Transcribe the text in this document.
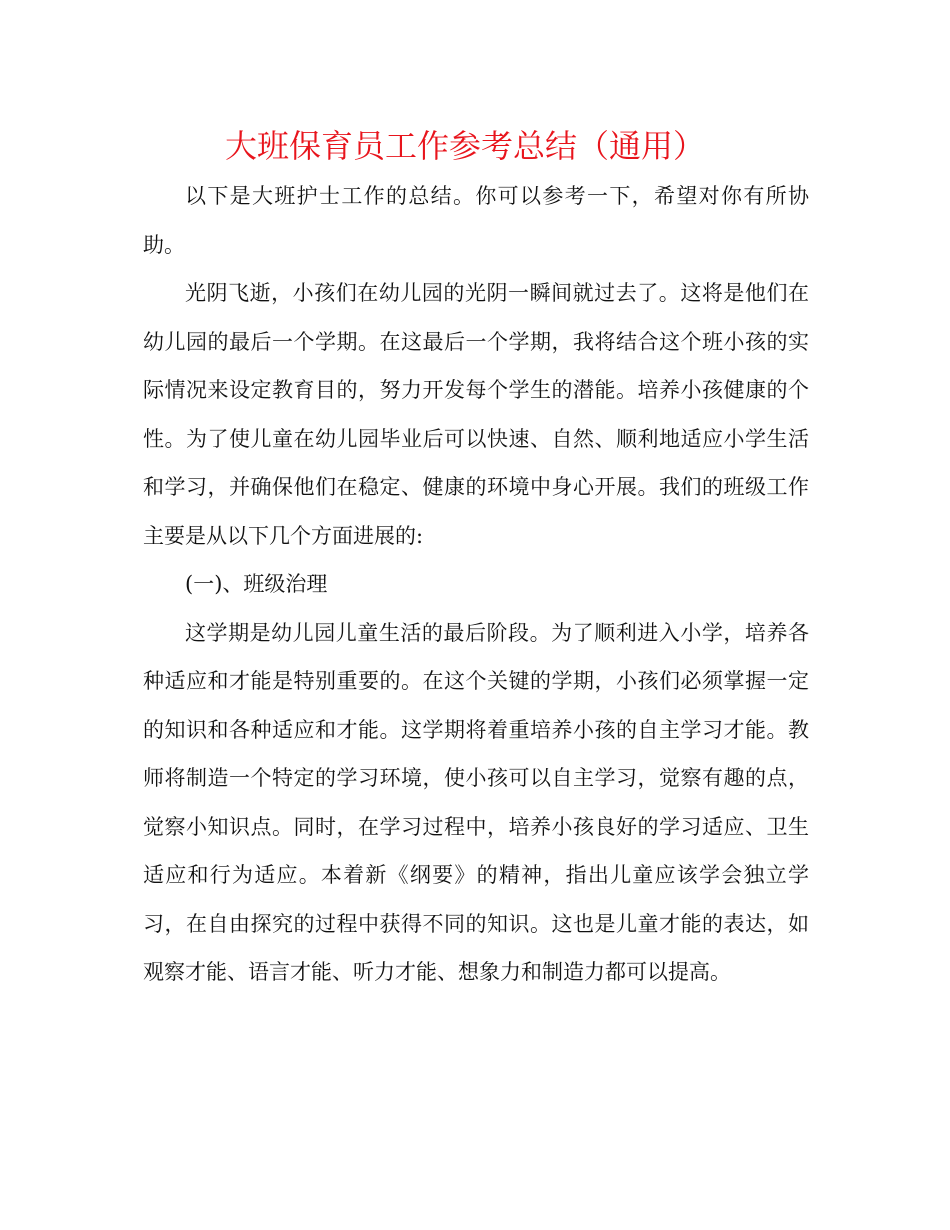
大班保育员工作参考总结（通用）

以下是大班护士工作的总结。你可以参考一下，希望对你有所协助。

光阴飞逝，小孩们在幼儿园的光阴一瞬间就过去了。这将是他们在幼儿园的最后一个学期。在这最后一个学期，我将结合这个班小孩的实际情况来设定教育目的，努力开发每个学生的潜能。培养小孩健康的个性。为了使儿童在幼儿园毕业后可以快速、自然、顺利地适应小学生活和学习，并确保他们在稳定、健康的环境中身心开展。我们的班级工作主要是从以下几个方面进展的:

(一)、班级治理

这学期是幼儿园儿童生活的最后阶段。为了顺利进入小学，培养各种适应和才能是特别重要的。在这个关键的学期，小孩们必须掌握一定的知识和各种适应和才能。这学期将着重培养小孩的自主学习才能。教师将制造一个特定的学习环境，使小孩可以自主学习，觉察有趣的点，觉察小知识点。同时，在学习过程中，培养小孩良好的学习适应、卫生适应和行为适应。本着新《纲要》的精神，指出儿童应该学会独立学习，在自由探究的过程中获得不同的知识。这也是儿童才能的表达，如观察才能、语言才能、听力才能、想象力和制造力都可以提高。
